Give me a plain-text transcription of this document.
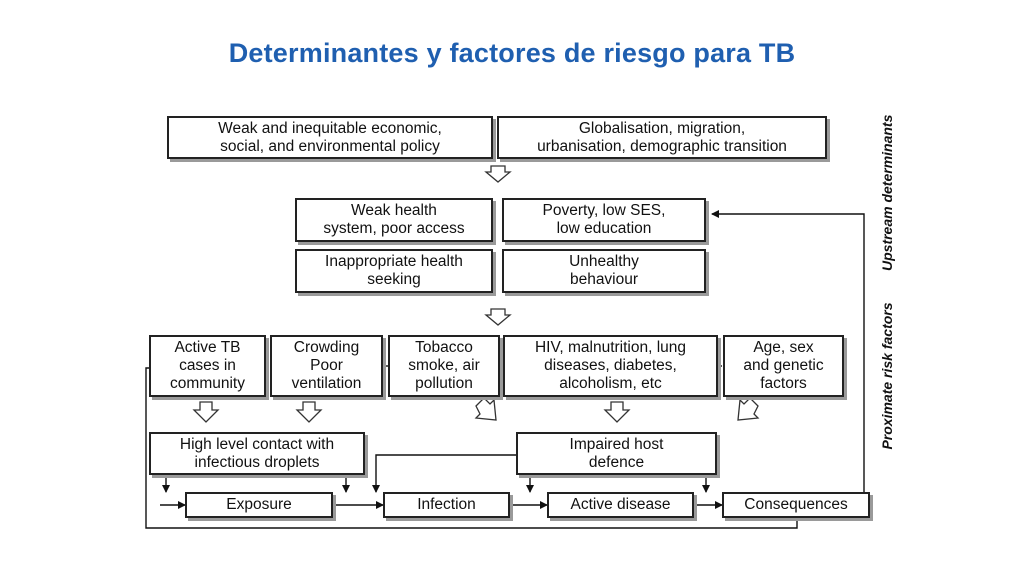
Determinantes y factores de riesgo para TB
Weak and inequitable economic,
social, and environmental policy
Globalisation, migration,
urbanisation, demographic transition
Weak health
system, poor access
Poverty, low SES,
low education
Inappropriate health
seeking
Unhealthy
behaviour
Active TB
cases in
community
Crowding
Poor
ventilation
Tobacco
smoke, air
pollution
HIV, malnutrition, lung
diseases, diabetes,
alcoholism, etc
Age, sex
and genetic
factors
High level contact with
infectious droplets
Impaired host
defence
Exposure	Infection	Active disease	Consequences
Upstream determinants
Proximate risk factors
